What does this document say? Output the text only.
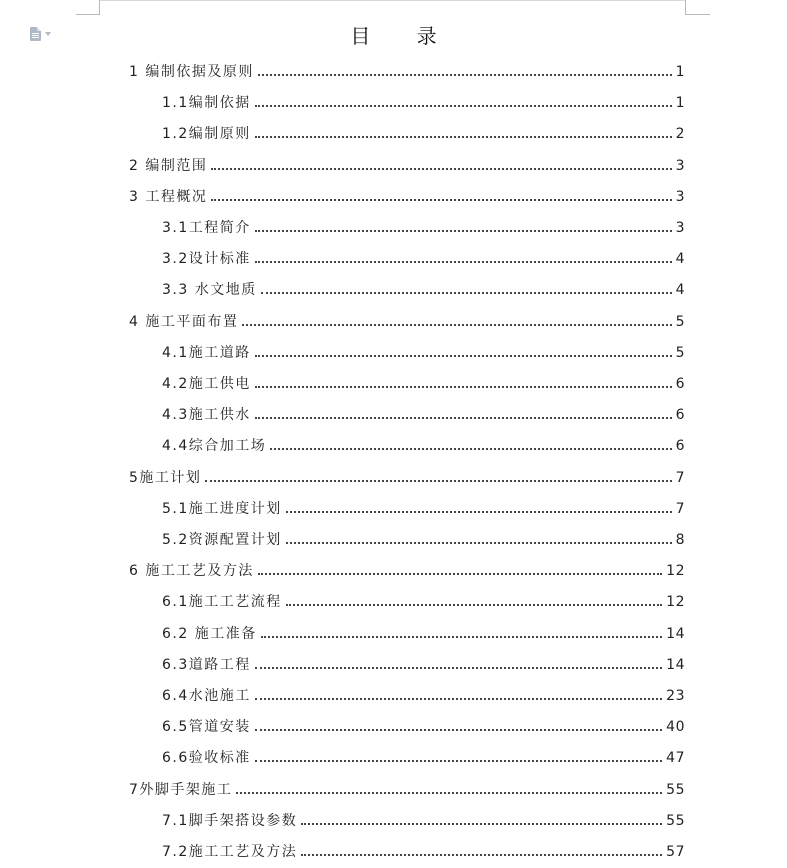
目 录
1 编制依据及原则	1
1.1 编制依据	1
1.2 编制原则	2
2 编制范围	3
3 工程概况	3
3.1 工程简介	3
3.2 设计标准	4
3.3 水文地质	4
4 施工平面布置	5
4.1 施工道路	5
4.2 施工供电	6
4.3 施工供水	6
4.4 综合加工场	6
5 施工计划	7
5.1 施工进度计划	7
5.2 资源配置计划	8
6 施工工艺及方法	12
6.1 施工工艺流程	12
6.2 施工准备	14
6.3 道路工程	14
6.4 水池施工	23
6.5 管道安装	40
6.6 验收标准	47
7 外脚手架施工	55
7.1 脚手架搭设参数	55
7.2 施工工艺及方法	57
